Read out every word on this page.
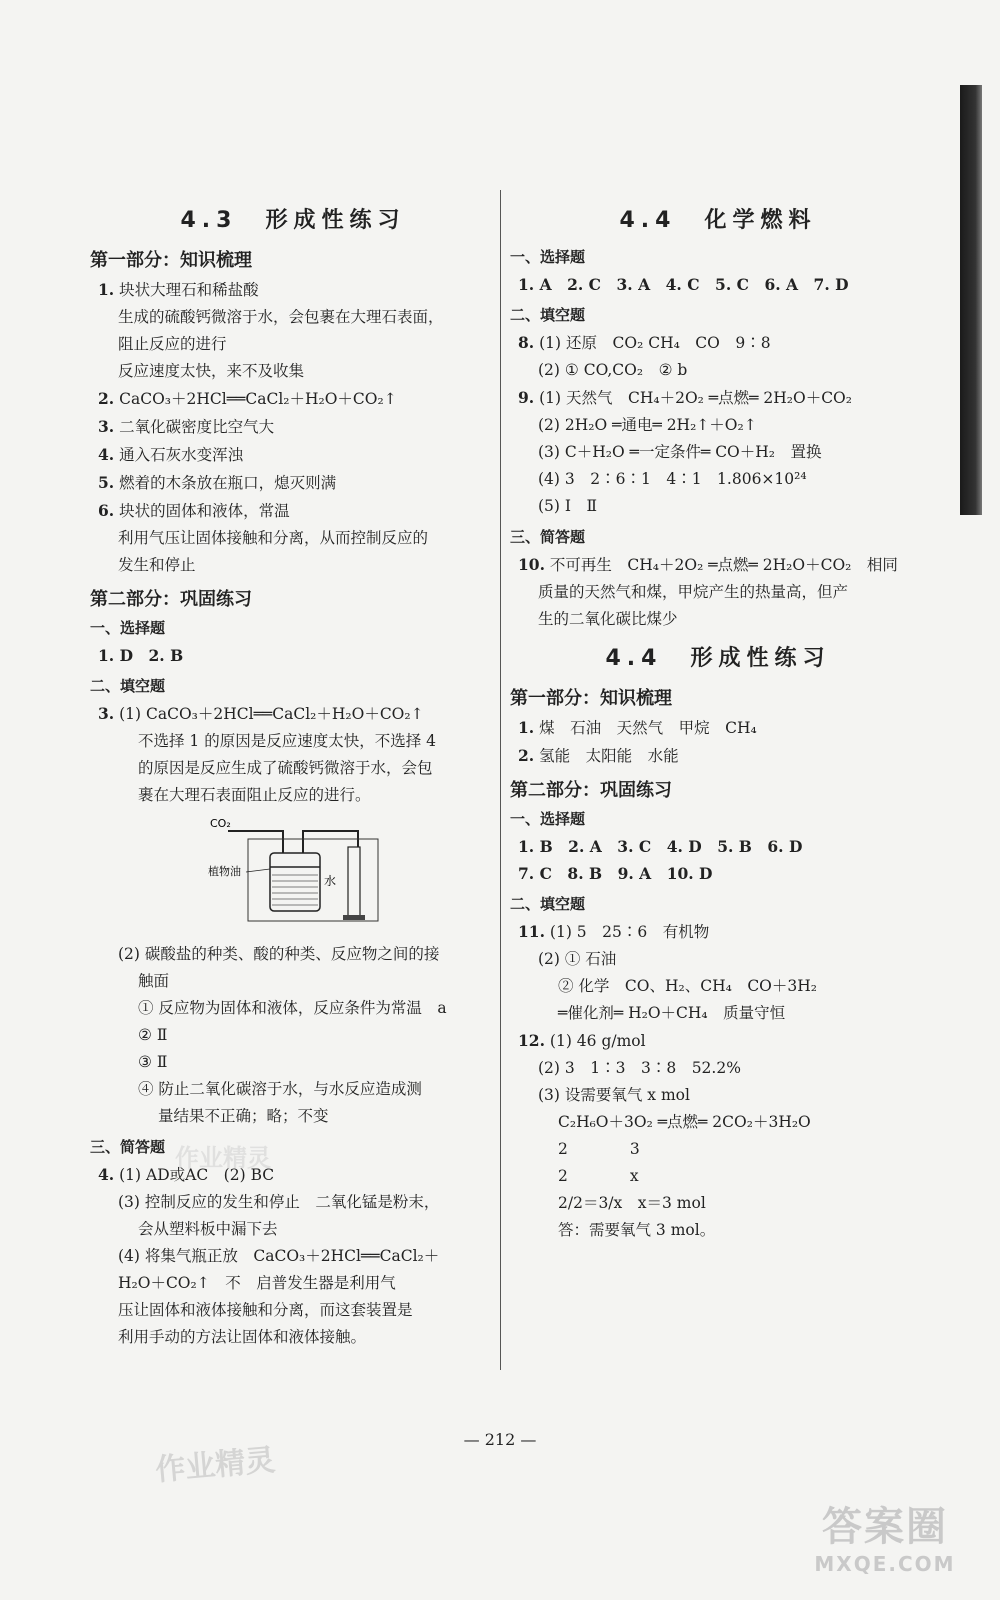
4.3　形成性练习
第一部分：知识梳理
1. 块状大理石和稀盐酸
生成的硫酸钙微溶于水，会包裹在大理石表面，
阻止反应的进行
反应速度太快，来不及收集
2. CaCO₃＋2HCl══CaCl₂＋H₂O＋CO₂↑
3. 二氧化碳密度比空气大
4. 通入石灰水变浑浊
5. 燃着的木条放在瓶口，熄灭则满
6. 块状的固体和液体，常温
利用气压让固体接触和分离，从而控制反应的
发生和停止
第二部分：巩固练习
一、选择题
1. D　2. B
二、填空题
3. (1) CaCO₃＋2HCl══CaCl₂＋H₂O＋CO₂↑
不选择 1 的原因是反应速度太快，不选择 4
的原因是反应生成了硫酸钙微溶于水，会包
裹在大理石表面阻止反应的进行。
CO₂
植物油
水
(2) 碳酸盐的种类、酸的种类、反应物之间的接
触面
① 反应物为固体和液体，反应条件为常温　a
② Ⅱ
③ Ⅱ
④ 防止二氧化碳溶于水，与水反应造成测
量结果不正确；略；不变
三、简答题
4. (1) AD或AC　(2) BC
(3) 控制反应的发生和停止　二氧化锰是粉末，
会从塑料板中漏下去
(4) 将集气瓶正放　CaCO₃＋2HCl══CaCl₂＋
H₂O＋CO₂↑　不　启普发生器是利用气
压让固体和液体接触和分离，而这套装置是
利用手动的方法让固体和液体接触。
4.4　化学燃料
一、选择题
1. A　2. C　3. A　4. C　5. C　6. A　7. D
二、填空题
8. (1) 还原　CO₂ CH₄　CO　9∶8
(2) ① CO,CO₂　② b
9. (1) 天然气　CH₄＋2O₂ ═点燃═ 2H₂O＋CO₂
(2) 2H₂O ═通电═ 2H₂↑＋O₂↑
(3) C＋H₂O ═一定条件═ CO＋H₂　置换
(4) 3　2∶6∶1　4∶1　1.806×10²⁴
(5) Ⅰ　Ⅱ
三、简答题
10. 不可再生　CH₄＋2O₂ ═点燃═ 2H₂O＋CO₂　相同
质量的天然气和煤，甲烷产生的热量高，但产
生的二氧化碳比煤少
4.4　形成性练习
第一部分：知识梳理
1. 煤　石油　天然气　甲烷　CH₄
2. 氢能　太阳能　水能
第二部分：巩固练习
一、选择题
1. B　2. A　3. C　4. D　5. B　6. D
7. C　8. B　9. A　10. D
二、填空题
11. (1) 5　25∶6　有机物
(2) ① 石油
② 化学　CO、H₂、CH₄　CO＋3H₂
═催化剂═ H₂O＋CH₄　质量守恒
12. (1) 46 g/mol
(2) 3　1∶3　3∶8　52.2%
(3) 设需要氧气 x mol
C₂H₆O＋3O₂ ═点燃═ 2CO₂＋3H₂O
2　　　　3
2　　　　x
2/2＝3/x　x＝3 mol
答：需要氧气 3 mol。
— 212 —
作业精灵
作业精灵
答案圈
MXQE.COM
